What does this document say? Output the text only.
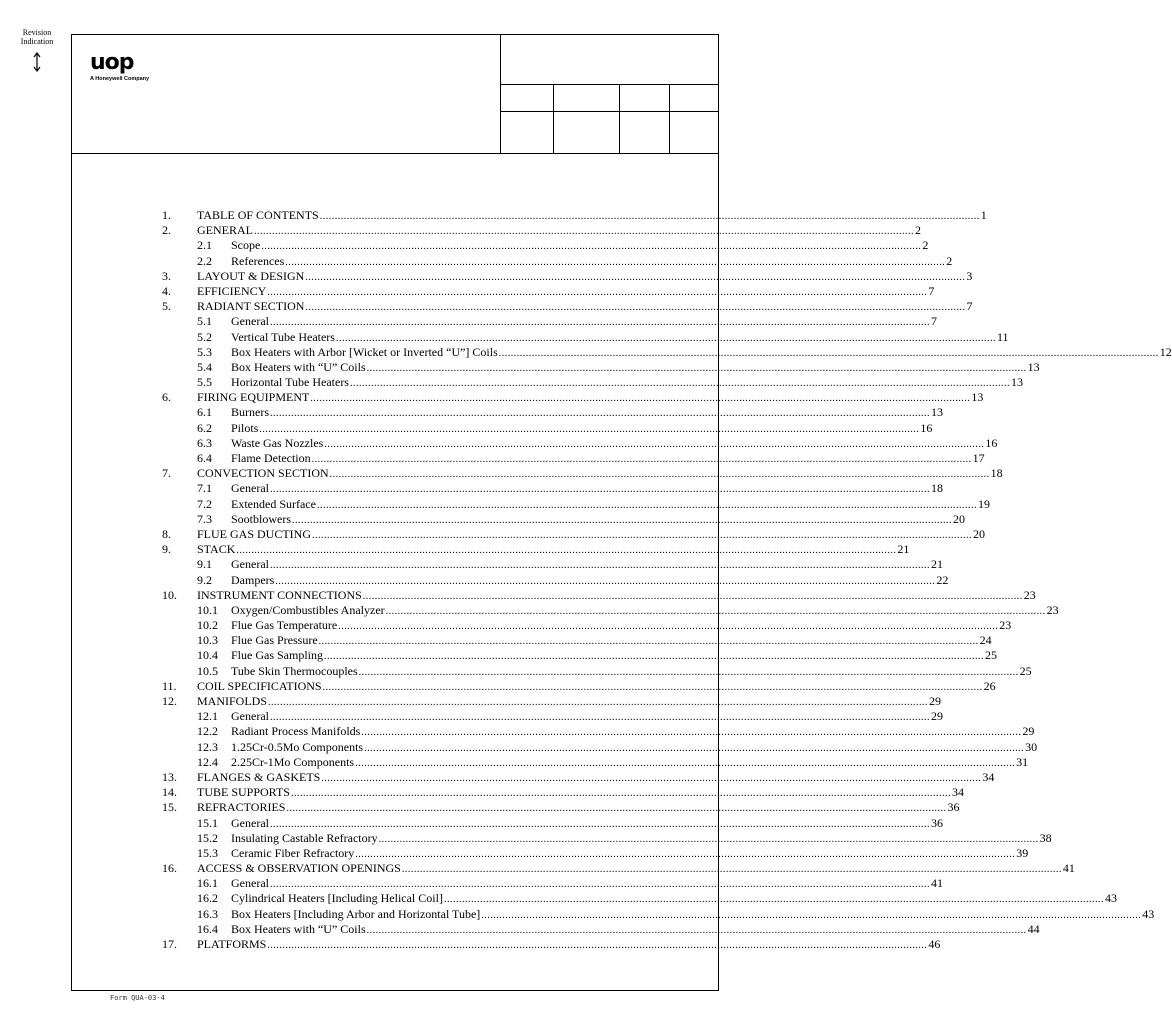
Revision Indication
uop
A Honeywell Company
1. TABLE OF CONTENTS ............................................................................................................................................................................................................................ 1
2. GENERAL ............................................................................................................................................................................................................................ 2
2.1 Scope ............................................................................................................................................................................................................................ 2
2.2 References ............................................................................................................................................................................................................................ 2
3. LAYOUT & DESIGN ............................................................................................................................................................................................................................ 3
4. EFFICIENCY ............................................................................................................................................................................................................................ 7
5. RADIANT SECTION ............................................................................................................................................................................................................................ 7
5.1 General ............................................................................................................................................................................................................................ 7
5.2 Vertical Tube Heaters ............................................................................................................................................................................................................................ 11
5.3 Box Heaters with Arbor [Wicket or Inverted “U”] Coils ............................................................................................................................................................................................................................ 12
5.4 Box Heaters with “U” Coils ............................................................................................................................................................................................................................ 13
5.5 Horizontal Tube Heaters ............................................................................................................................................................................................................................ 13
6. FIRING EQUIPMENT ............................................................................................................................................................................................................................ 13
6.1 Burners ............................................................................................................................................................................................................................ 13
6.2 Pilots ............................................................................................................................................................................................................................ 16
6.3 Waste Gas Nozzles ............................................................................................................................................................................................................................ 16
6.4 Flame Detection ............................................................................................................................................................................................................................ 17
7. CONVECTION SECTION ............................................................................................................................................................................................................................ 18
7.1 General ............................................................................................................................................................................................................................ 18
7.2 Extended Surface ............................................................................................................................................................................................................................ 19
7.3 Sootblowers ............................................................................................................................................................................................................................ 20
8. FLUE GAS DUCTING ............................................................................................................................................................................................................................ 20
9. STACK ............................................................................................................................................................................................................................ 21
9.1 General ............................................................................................................................................................................................................................ 21
9.2 Dampers ............................................................................................................................................................................................................................ 22
10. INSTRUMENT CONNECTIONS ............................................................................................................................................................................................................................ 23
10.1 Oxygen/Combustibles Analyzer ............................................................................................................................................................................................................................ 23
10.2 Flue Gas Temperature ............................................................................................................................................................................................................................ 23
10.3 Flue Gas Pressure ............................................................................................................................................................................................................................ 24
10.4 Flue Gas Sampling ............................................................................................................................................................................................................................ 25
10.5 Tube Skin Thermocouples ............................................................................................................................................................................................................................ 25
11. COIL SPECIFICATIONS ............................................................................................................................................................................................................................ 26
12. MANIFOLDS ............................................................................................................................................................................................................................ 29
12.1 General ............................................................................................................................................................................................................................ 29
12.2 Radiant Process Manifolds ............................................................................................................................................................................................................................ 29
12.3 1.25Cr-0.5Mo Components ............................................................................................................................................................................................................................ 30
12.4 2.25Cr-1Mo Components ............................................................................................................................................................................................................................ 31
13. FLANGES & GASKETS ............................................................................................................................................................................................................................ 34
14. TUBE SUPPORTS ............................................................................................................................................................................................................................ 34
15. REFRACTORIES ............................................................................................................................................................................................................................ 36
15.1 General ............................................................................................................................................................................................................................ 36
15.2 Insulating Castable Refractory ............................................................................................................................................................................................................................ 38
15.3 Ceramic Fiber Refractory ............................................................................................................................................................................................................................ 39
16. ACCESS & OBSERVATION OPENINGS ............................................................................................................................................................................................................................ 41
16.1 General ............................................................................................................................................................................................................................ 41
16.2 Cylindrical Heaters [Including Helical Coil] ............................................................................................................................................................................................................................ 43
16.3 Box Heaters [Including Arbor and Horizontal Tube] ............................................................................................................................................................................................................................ 43
16.4 Box Heaters with “U” Coils ............................................................................................................................................................................................................................ 44
17. PLATFORMS ............................................................................................................................................................................................................................ 46
Form QUA-03-4
